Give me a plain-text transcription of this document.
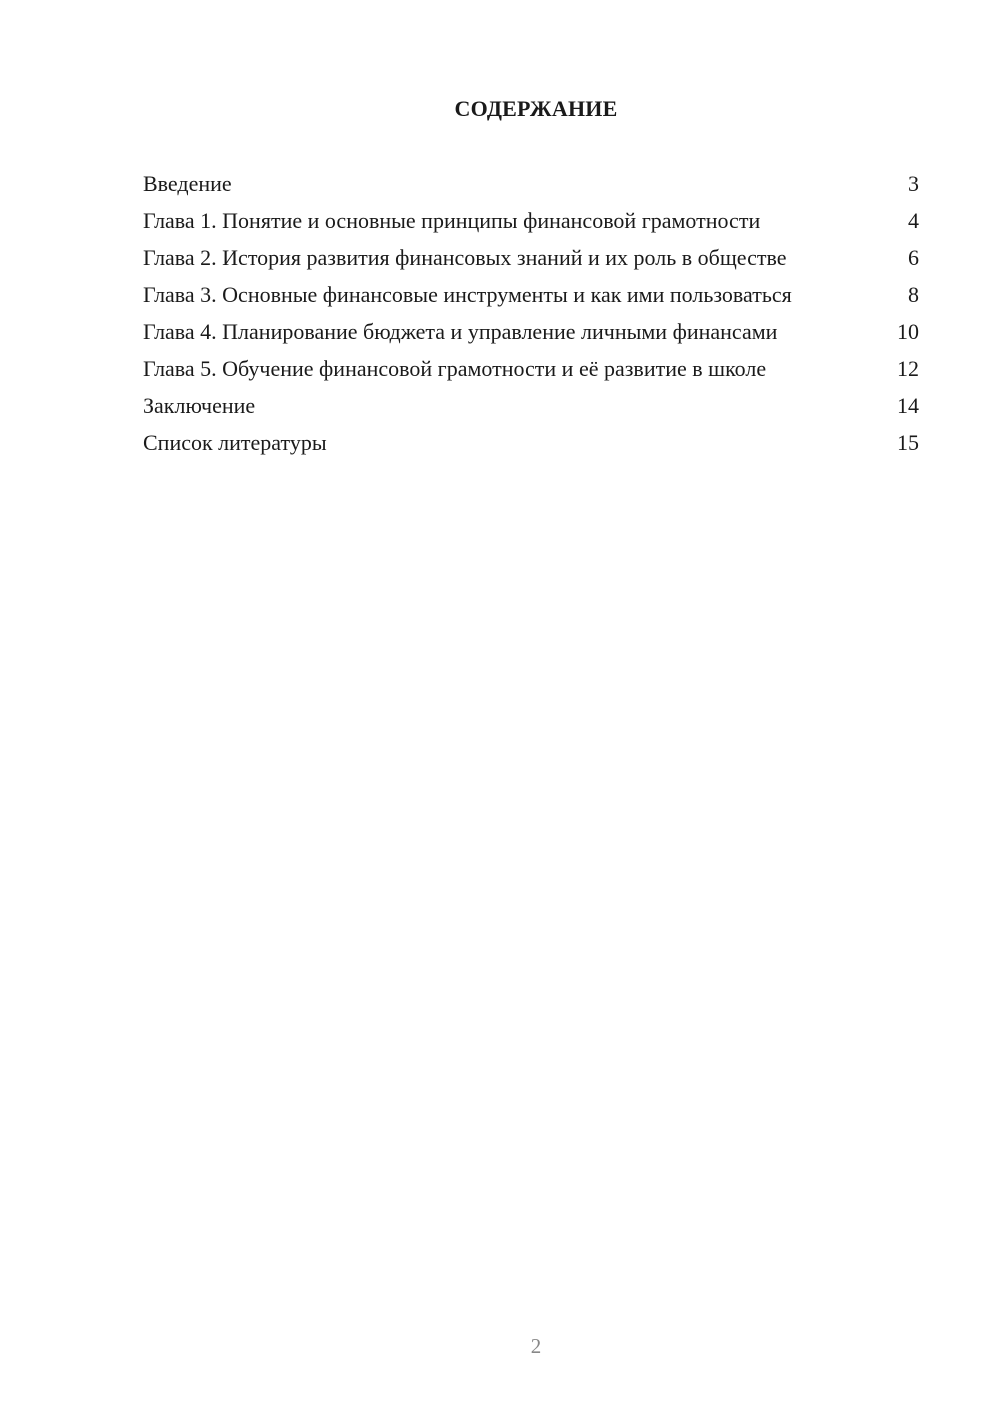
СОДЕРЖАНИЕ
Введение	3
Глава 1. Понятие и основные принципы финансовой грамотности	4
Глава 2. История развития финансовых знаний и их роль в обществе	6
Глава 3. Основные финансовые инструменты и как ими пользоваться	8
Глава 4. Планирование бюджета и управление личными финансами	10
Глава 5. Обучение финансовой грамотности и её развитие в школе	12
Заключение	14
Список литературы	15
2
